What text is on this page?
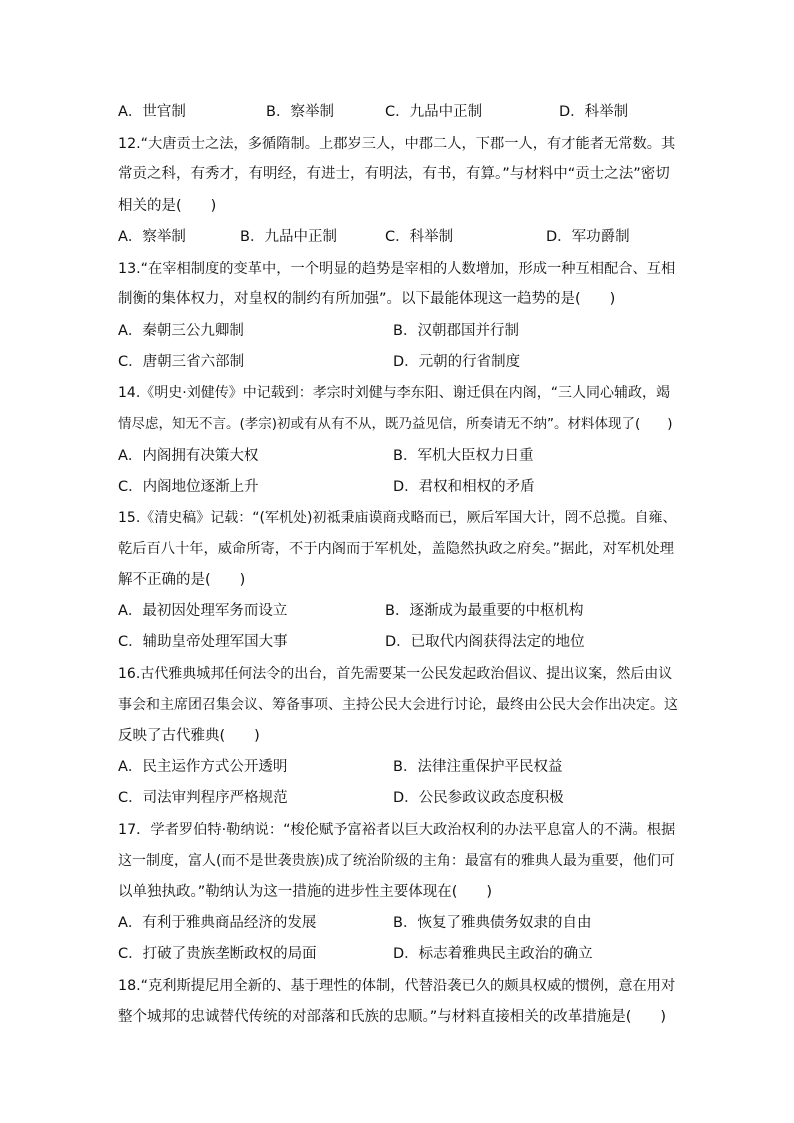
A．世官制	B．察举制	C．九品中正制	D．科举制
12.“大唐贡士之法，多循隋制。上郡岁三人，中郡二人，下郡一人，有才能者无常数。其
常贡之科，有秀才，有明经，有进士，有明法，有书，有算。”与材料中“贡士之法”密切
相关的是(　　)
A．察举制	B．九品中正制	C．科举制	D．军功爵制
13.“在宰相制度的变革中，一个明显的趋势是宰相的人数增加，形成一种互相配合、互相
制衡的集体权力，对皇权的制约有所加强”。以下最能体现这一趋势的是(　　)
A．秦朝三公九卿制	B．汉朝郡国并行制
C．唐朝三省六部制	D．元朝的行省制度
14.《明史·刘健传》中记载到：孝宗时刘健与李东阳、谢迁俱在内阁，“三人同心辅政，竭
情尽虑，知无不言。(孝宗)初或有从有不从，既乃益见信，所奏请无不纳”。材料体现了(　　)
A．内阁拥有决策大权	B．军机大臣权力日重
C．内阁地位逐渐上升	D．君权和相权的矛盾
15.《清史稿》记载：“(军机处)初祗秉庙谟商戎略而已，厥后军国大计，罔不总揽。自雍、
乾后百八十年，威命所寄，不于内阁而于军机处，盖隐然执政之府矣。”据此，对军机处理
解不正确的是(　　)
A．最初因处理军务而设立	B．逐渐成为最重要的中枢机构
C．辅助皇帝处理军国大事	D．已取代内阁获得法定的地位
16.古代雅典城邦任何法令的出台，首先需要某一公民发起政治倡议、提出议案，然后由议
事会和主席团召集会议、筹备事项、主持公民大会进行讨论，最终由公民大会作出决定。这
反映了古代雅典(　　)
A．民主运作方式公开透明	B．法律注重保护平民权益
C．司法审判程序严格规范	D．公民参政议政态度积极
17．学者罗伯特·勒纳说：“梭伦赋予富裕者以巨大政治权利的办法平息富人的不满。根据
这一制度，富人(而不是世袭贵族)成了统治阶级的主角：最富有的雅典人最为重要，他们可
以单独执政。”勒纳认为这一措施的进步性主要体现在(　　)
A．有利于雅典商品经济的发展	B．恢复了雅典债务奴隶的自由
C．打破了贵族垄断政权的局面	D．标志着雅典民主政治的确立
18.“克利斯提尼用全新的、基于理性的体制，代替沿袭已久的颇具权威的惯例，意在用对
整个城邦的忠诚替代传统的对部落和氏族的忠顺。”与材料直接相关的改革措施是(　　)
